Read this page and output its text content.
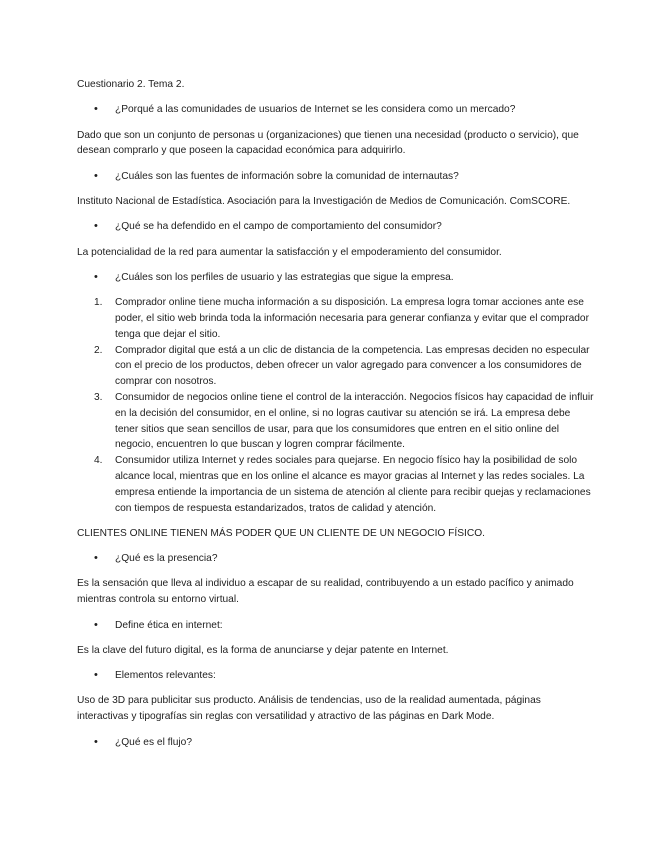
Cuestionario 2. Tema 2.

• ¿Porqué a las comunidades de usuarios de Internet se les considera como un mercado?

Dado que son un conjunto de personas u (organizaciones) que tienen una necesidad (producto o servicio), que desean comprarlo y que poseen la capacidad económica para adquirirlo.

• ¿Cuáles son las fuentes de información sobre la comunidad de internautas?

Instituto Nacional de Estadística. Asociación para la Investigación de Medios de Comunicación. ComSCORE.

• ¿Qué se ha defendido en el campo de comportamiento del consumidor?

La potencialidad de la red para aumentar la satisfacción y el empoderamiento del consumidor.

• ¿Cuáles son los perfiles de usuario y las estrategias que sigue la empresa.
1. Comprador online tiene mucha información a su disposición. La empresa logra tomar acciones ante ese poder, el sitio web brinda toda la información necesaria para generar confianza y evitar que el comprador tenga que dejar el sitio.
2. Comprador digital que está a un clic de distancia de la competencia. Las empresas deciden no especular con el precio de los productos, deben ofrecer un valor agregado para convencer a los consumidores de comprar con nosotros.
3. Consumidor de negocios online tiene el control de la interacción. Negocios físicos hay capacidad de influir en la decisión del consumidor, en el online, si no logras cautivar su atención se irá. La empresa debe tener sitios que sean sencillos de usar, para que los consumidores que entren en el sitio online del negocio, encuentren lo que buscan y logren comprar fácilmente.
4. Consumidor utiliza Internet y redes sociales para quejarse. En negocio físico hay la posibilidad de solo alcance local, mientras que en los online el alcance es mayor gracias al Internet y las redes sociales. La empresa entiende la importancia de un sistema de atención al cliente para recibir quejas y reclamaciones con tiempos de respuesta estandarizados, tratos de calidad y atención.

CLIENTES ONLINE TIENEN MÁS PODER QUE UN CLIENTE DE UN NEGOCIO FÍSICO.

• ¿Qué es la presencia?

Es la sensación que lleva al individuo a escapar de su realidad, contribuyendo a un estado pacífico y animado mientras controla su entorno virtual.

• Define ética en internet:

Es la clave del futuro digital, es la forma de anunciarse y dejar patente en Internet.

• Elementos relevantes:

Uso de 3D para publicitar sus producto. Análisis de tendencias, uso de la realidad aumentada, páginas interactivas y tipografías sin reglas con versatilidad y atractivo de las páginas en Dark Mode.

• ¿Qué es el flujo?
